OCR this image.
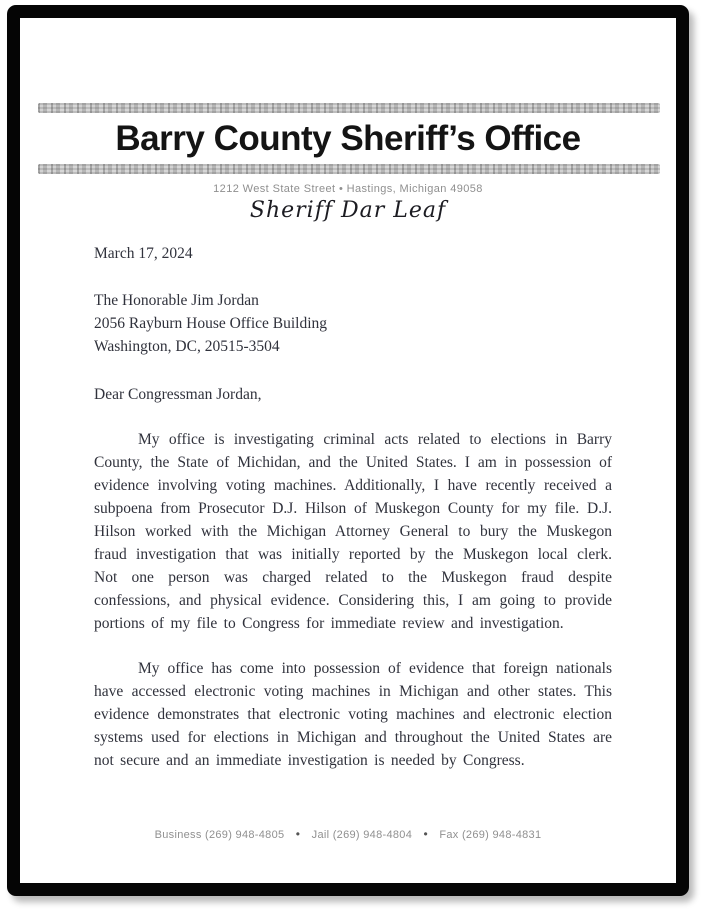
Barry County Sheriff’s Office
1212 West State Street • Hastings, Michigan 49058
Sheriff Dar Leaf

March 17, 2024

The Honorable Jim Jordan
2056 Rayburn House Office Building
Washington, DC, 20515-3504
Dear Congressman Jordan,

My office is investigating criminal acts related to elections in Barry County, the State of Michidan, and the United States. I am in possession of evidence involving voting machines. Additionally, I have recently received a subpoena from Prosecutor D.J. Hilson of Muskegon County for my file. D.J. Hilson worked with the Michigan Attorney General to bury the Muskegon fraud investigation that was initially reported by the Muskegon local clerk. Not one person was charged related to the Muskegon fraud despite confessions, and physical evidence. Considering this, I am going to provide portions of my file to Congress for immediate review and investigation.

My office has come into possession of evidence that foreign nationals have accessed electronic voting machines in Michigan and other states. This evidence demonstrates that electronic voting machines and electronic election systems used for elections in Michigan and throughout the United States are not secure and an immediate investigation is needed by Congress.

Business (269) 948-4805 • Jail (269) 948-4804 • Fax (269) 948-4831
